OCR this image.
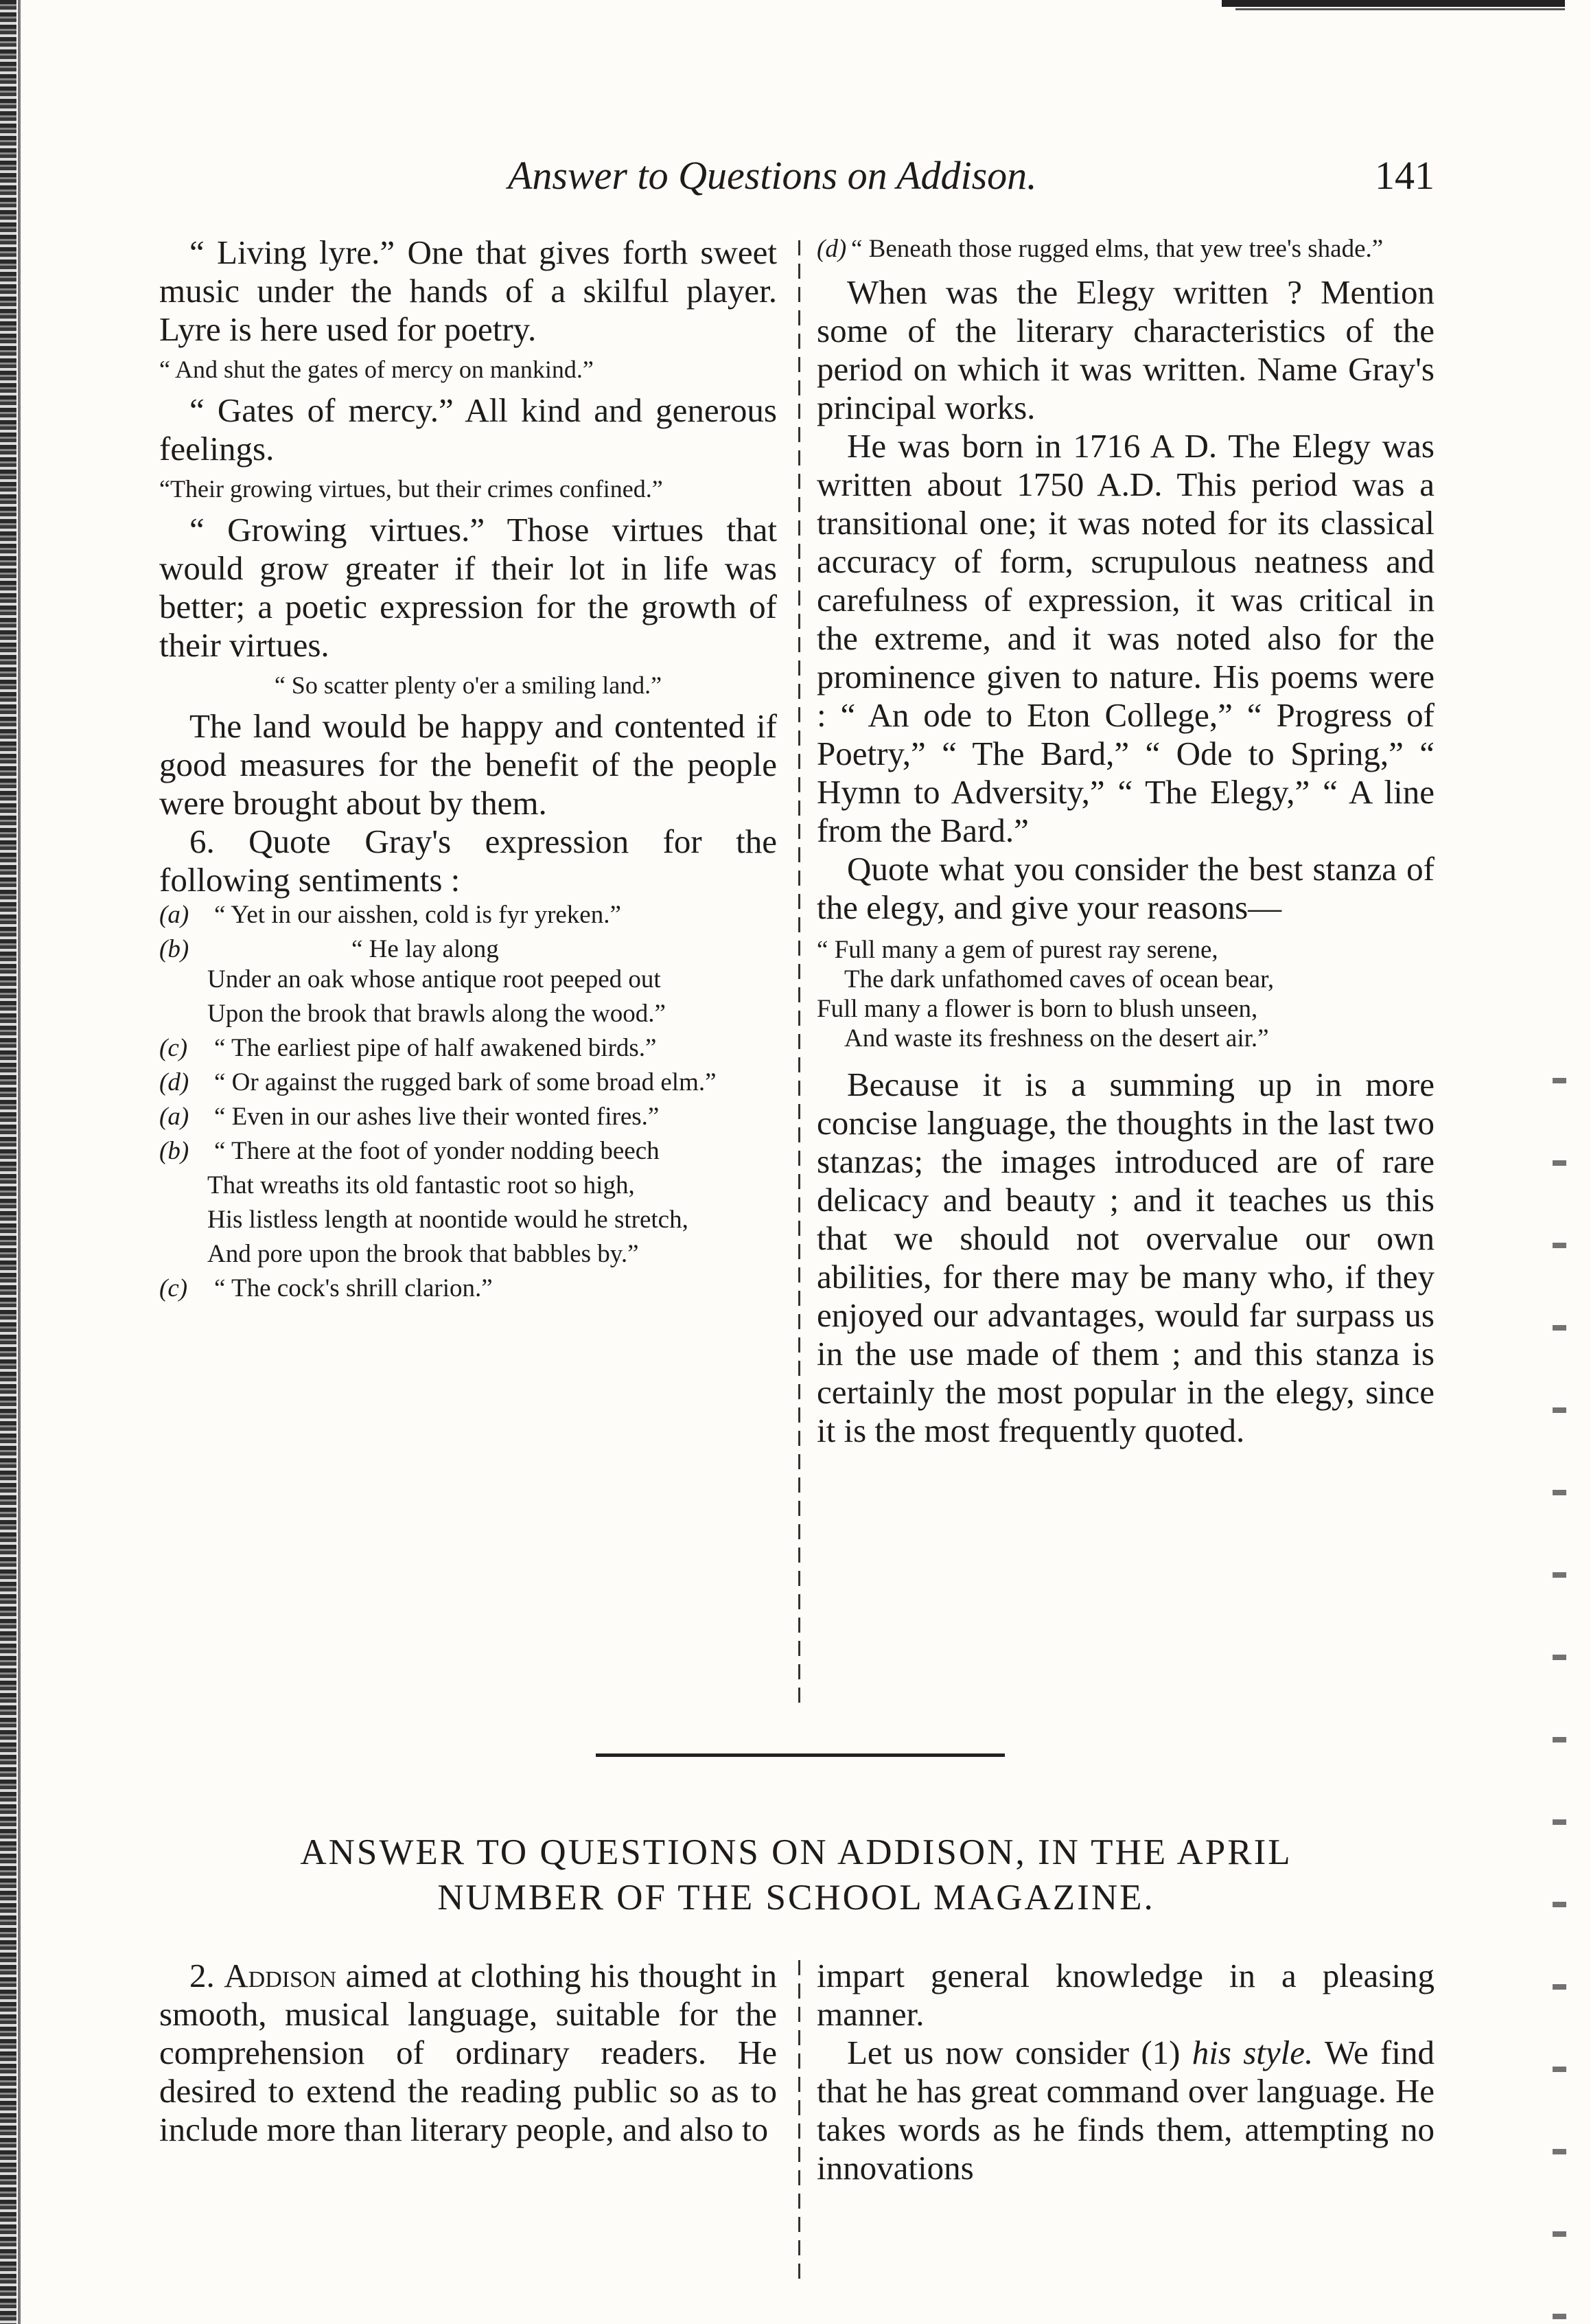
Answer to Questions on Addison.	141

“ Living lyre.” One that gives forth sweet music under the hands of a skilful player. Lyre is here used for poetry.

“ And shut the gates of mercy on mankind.”

“ Gates of mercy.” All kind and generous feelings.

“Their growing virtues, but their crimes confined.”

“ Growing virtues.” Those virtues that would grow greater if their lot in life was better; a poetic expression for the growth of their virtues.

“ So scatter plenty o'er a smiling land.”

The land would be happy and contented if good measures for the benefit of the people were brought about by them.

6. Quote Gray's expression for the following sentiments :

(a) “ Yet in our aisshen, cold is fyr yreken.”
(b)	“ He lay along
Under an oak whose antique root peeped out
Upon the brook that brawls along the wood.”
(c) “ The earliest pipe of half awakened birds.”
(d) “ Or against the rugged bark of some broad elm.”
(a) “ Even in our ashes live their wonted fires.”
(b) “ There at the foot of yonder nodding beech
That wreaths its old fantastic root so high,
His listless length at noontide would he stretch,
And pore upon the brook that babbles by.”
(c) “ The cock's shrill clarion.”
(d) “ Beneath those rugged elms, that yew tree's shade.”

When was the Elegy written ? Mention some of the literary characteristics of the period on which it was written. Name Gray's principal works.

He was born in 1716 A D. The Elegy was written about 1750 A.D. This period was a transitional one; it was noted for its classical accuracy of form, scrupulous neatness and carefulness of expression, it was critical in the extreme, and it was noted also for the prominence given to nature. His poems were : “ An ode to Eton College,” “ Progress of Poetry,” “ The Bard,” “ Ode to Spring,” “ Hymn to Adversity,” “ The Elegy,” “ A line from the Bard.”

Quote what you consider the best stanza of the elegy, and give your reasons—

“ Full many a gem of purest ray serene,
The dark unfathomed caves of ocean bear,
Full many a flower is born to blush unseen,
And waste its freshness on the desert air.”

Because it is a summing up in more concise language, the thoughts in the last two stanzas; the images introduced are of rare delicacy and beauty ; and it teaches us this that we should not overvalue our own abilities, for there may be many who, if they enjoyed our advantages, would far surpass us in the use made of them ; and this stanza is certainly the most popular in the elegy, since it is the most frequently quoted.

ANSWER TO QUESTIONS ON ADDISON, IN THE APRIL
NUMBER OF THE SCHOOL MAGAZINE.

2. Addison aimed at clothing his thought in smooth, musical language, suitable for the comprehension of ordinary readers. He desired to extend the reading public so as to include more than literary people, and also to

impart general knowledge in a pleasing manner.

Let us now consider (1) his style. We find that he has great command over language. He takes words as he finds them, attempting no innovations
